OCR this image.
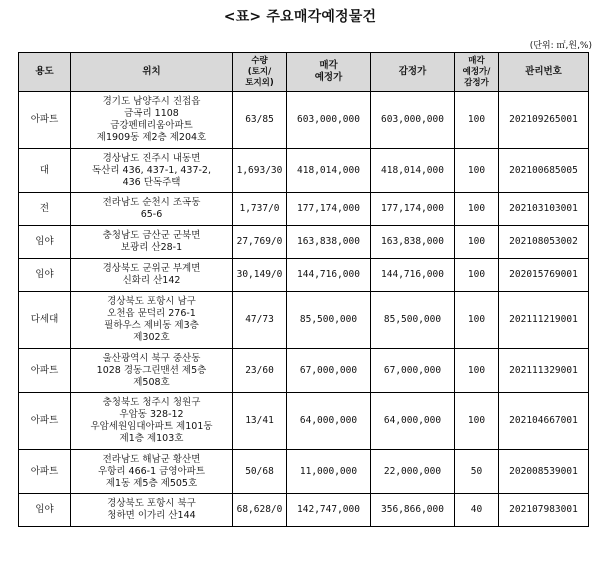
<표> 주요매각예정물건
(단위: ㎡,원,%)
용도	위치	수량
(토지/
토지외)	매각
예정가	감정가	매각
예정가/
감정가	관리번호
아파트	경기도 남양주시 진접읍
금곡리 1108
금강펜테리움아파트
제1909동 제2층 제204호	63/85	603,000,000	603,000,000	100	202109265001
대	경상남도 진주시 내동면
독산리 436, 437-1, 437-2,
436 단독주택	1,693/30	418,014,000	418,014,000	100	202100685005
전	전라남도 순천시 조곡동
65-6	1,737/0	177,174,000	177,174,000	100	202103103001
임야	충청남도 금산군 군북면
보광리 산28-1	27,769/0	163,838,000	163,838,000	100	202108053002
임야	경상북도 군위군 부계면
신화리 산142	30,149/0	144,716,000	144,716,000	100	202015769001
다세대	경상북도 포항시 남구
오천읍 문덕리 276-1
필하우스 제비동 제3층
제302호	47/73	85,500,000	85,500,000	100	202111219001
아파트	울산광역시 북구 중산동
1028 경동그린맨션 제5층
제508호	23/60	67,000,000	67,000,000	100	202111329001
아파트	충청북도 청주시 청원구
우암동 328-12
우암세원임대아파트 제101동
제1층 제103호	13/41	64,000,000	64,000,000	100	202104667001
아파트	전라남도 해남군 황산면
우항리 466-1 금영아파트
제1동 제5층 제505호	50/68	11,000,000	22,000,000	50	202008539001
임야	경상북도 포항시 북구
청하면 이가리 산144	68,628/0	142,747,000	356,866,000	40	202107983001
